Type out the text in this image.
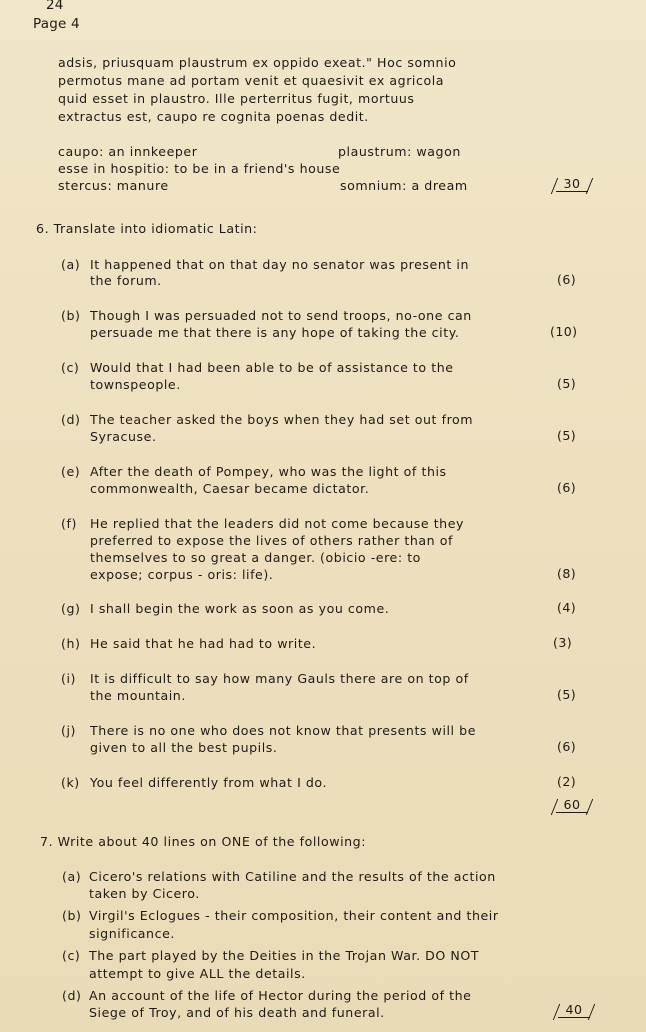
24
Page 4
adsis, priusquam plaustrum ex oppido exeat." Hoc somnio
permotus mane ad portam venit et quaesivit ex agricola
quid esset in plaustro. Ille perterritus fugit, mortuus
extractus est, caupo re cognita poenas dedit.
caupo: an innkeeper	plaustrum: wagon
esse in hospitio: to be in a friend's house
stercus: manure	somnium: a dream	30
6. Translate into idiomatic Latin:
(a) It happened that on that day no senator was present in
the forum.	(6)
(b) Though I was persuaded not to send troops, no-one can
persuade me that there is any hope of taking the city.	(10)
(c) Would that I had been able to be of assistance to the
townspeople.	(5)
(d) The teacher asked the boys when they had set out from
Syracuse.	(5)
(e) After the death of Pompey, who was the light of this
commonwealth, Caesar became dictator.	(6)
(f) He replied that the leaders did not come because they
preferred to expose the lives of others rather than of
themselves to so great a danger. (obicio -ere: to
expose; corpus - oris: life).	(8)
(g) I shall begin the work as soon as you come.	(4)
(h) He said that he had had to write.	(3)
(i) It is difficult to say how many Gauls there are on top of
the mountain.	(5)
(j) There is no one who does not know that presents will be
given to all the best pupils.	(6)
(k) You feel differently from what I do.	(2)
60
7. Write about 40 lines on ONE of the following:
(a) Cicero's relations with Catiline and the results of the action
taken by Cicero.
(b) Virgil's Eclogues - their composition, their content and their
significance.
(c) The part played by the Deities in the Trojan War. DO NOT
attempt to give ALL the details.
(d) An account of the life of Hector during the period of the
Siege of Troy, and of his death and funeral.	40
